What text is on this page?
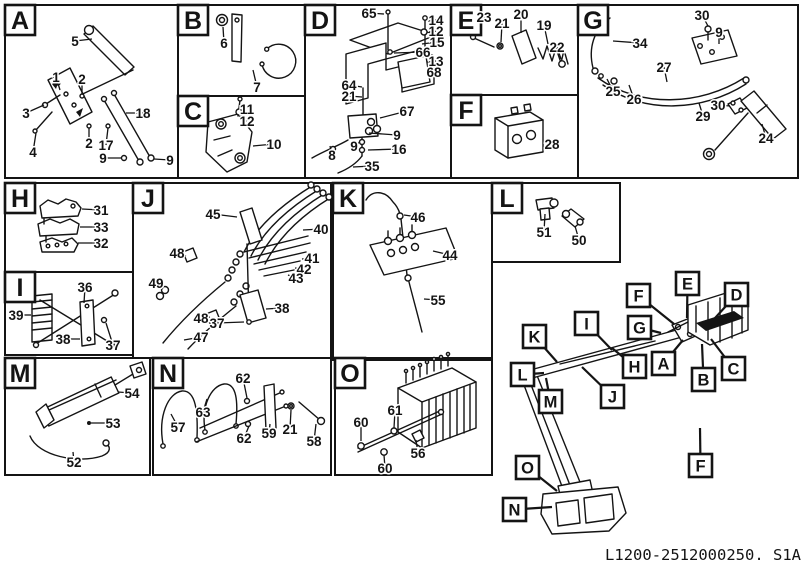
A
5
1 2
3
4
2 17
9
18
9
B
6
7
C	11
12
10
D 65	14
12
15
66
13
68
64
21
67
9
9 16
8
35
E 23 21
20
19
22
F
28
G	30
9
34
27
25
26
29
30
24
H	31
33
32
I	36
39
38	37
J
45
40
48	41
42
43
49
48 37
38
47
K
46
44
55
L
51
50
M
54
53
52
N	62
63
57
62 59 21
58
O
60
61
56
60
F
E
D
G
I
K
H A
L	C
B
M	J
O
N
F
L1200-2512000250. S1A
